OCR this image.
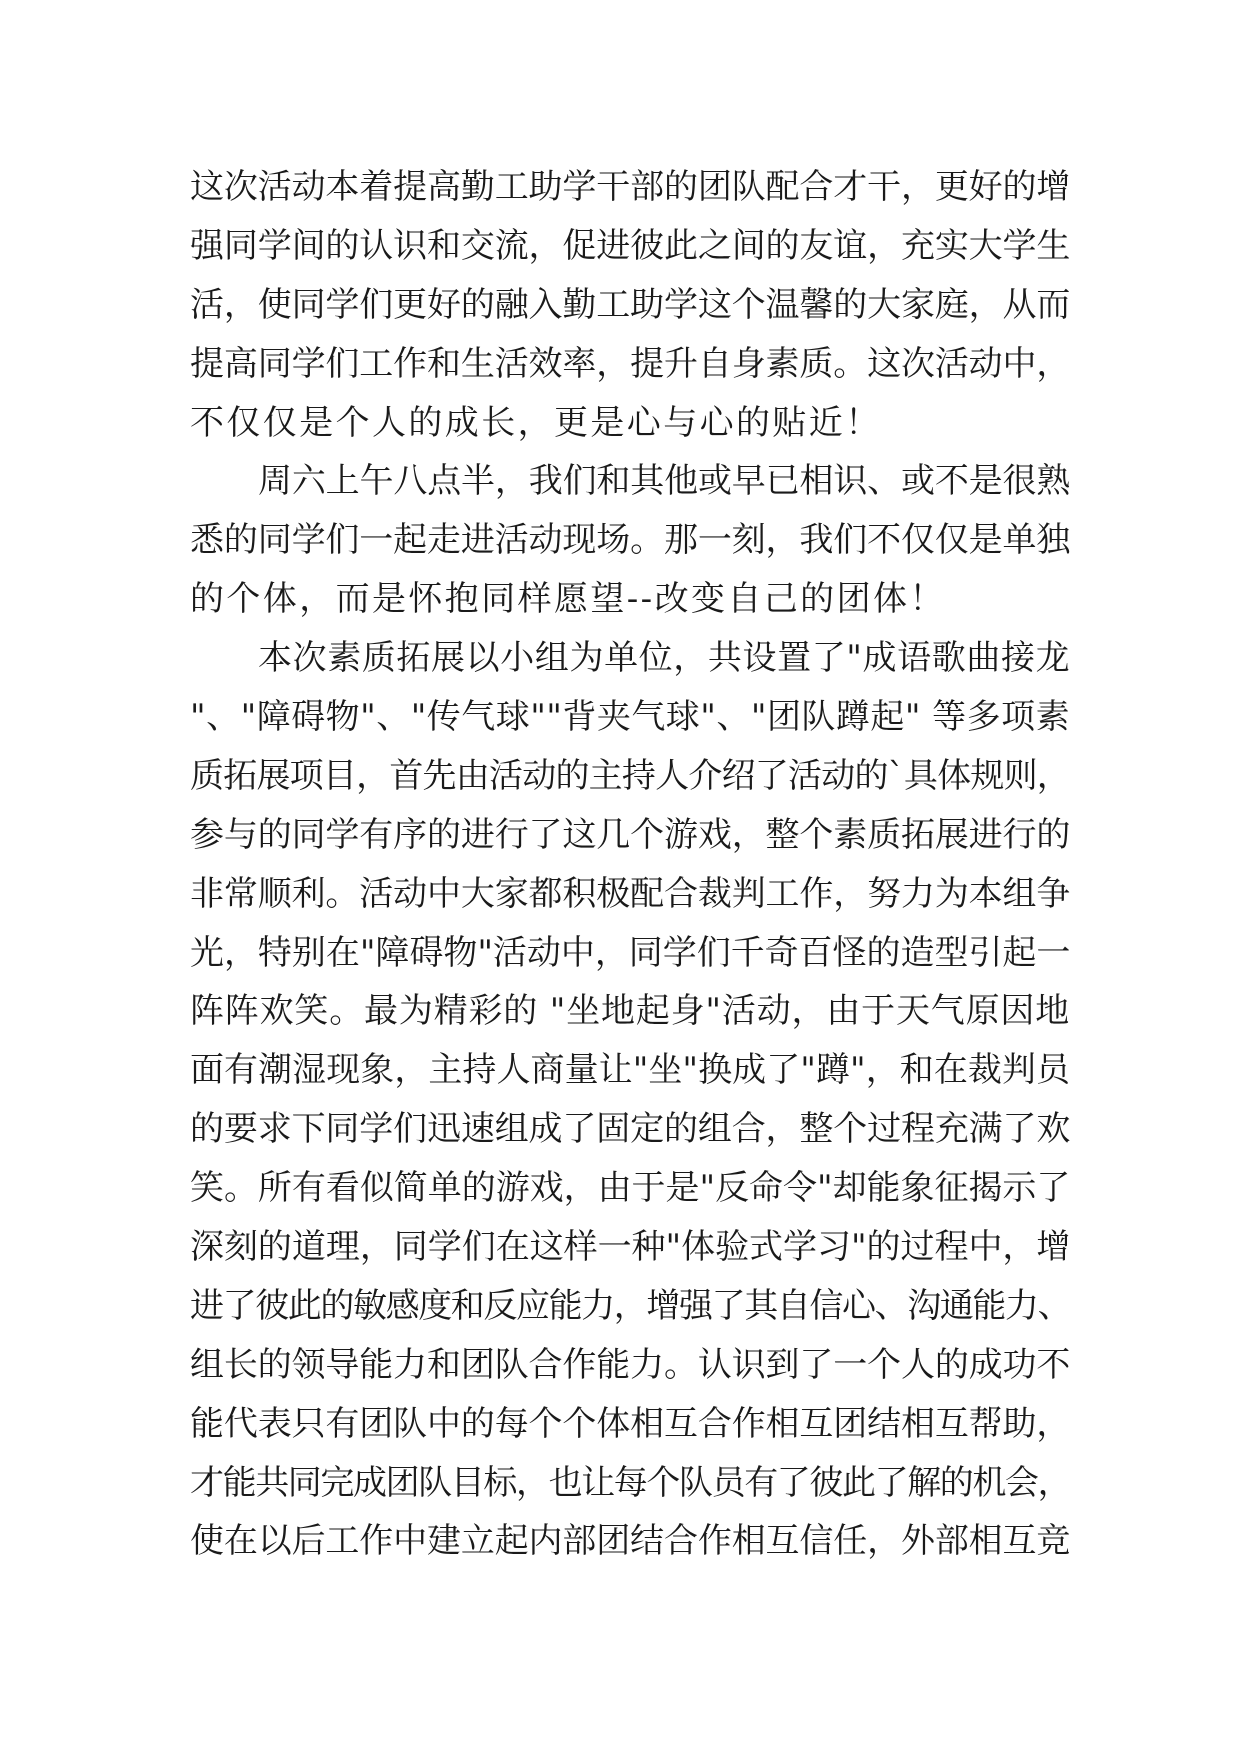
这次活动本着提高勤工助学干部的团队配合才干，更好的增
强同学间的认识和交流，促进彼此之间的友谊，充实大学生
活，使同学们更好的融入勤工助学这个温馨的大家庭，从而
提高同学们工作和生活效率，提升自身素质。这次活动中，
不仅仅是个人的成长，更是心与心的贴近！
周六上午八点半，我们和其他或早已相识、或不是很熟
悉的同学们一起走进活动现场。那一刻，我们不仅仅是单独
的个体，而是怀抱同样愿望--改变自己的团体！
本次素质拓展以小组为单位，共设置了"成语歌曲接龙
"、"障碍物"、"传气球""背夹气球"、"团队蹲起" 等多项素
质拓展项目，首先由活动的主持人介绍了活动的`具体规则，
参与的同学有序的进行了这几个游戏，整个素质拓展进行的
非常顺利。活动中大家都积极配合裁判工作，努力为本组争
光，特别在"障碍物"活动中，同学们千奇百怪的造型引起一
阵阵欢笑。最为精彩的 "坐地起身"活动，由于天气原因地
面有潮湿现象，主持人商量让"坐"换成了"蹲"，和在裁判员
的要求下同学们迅速组成了固定的组合，整个过程充满了欢
笑。所有看似简单的游戏，由于是"反命令"却能象征揭示了
深刻的道理，同学们在这样一种"体验式学习"的过程中，增
进了彼此的敏感度和反应能力，增强了其自信心、沟通能力、
组长的领导能力和团队合作能力。认识到了一个人的成功不
能代表只有团队中的每个个体相互合作相互团结相互帮助，
才能共同完成团队目标，也让每个队员有了彼此了解的机会，
使在以后工作中建立起内部团结合作相互信任，外部相互竞
